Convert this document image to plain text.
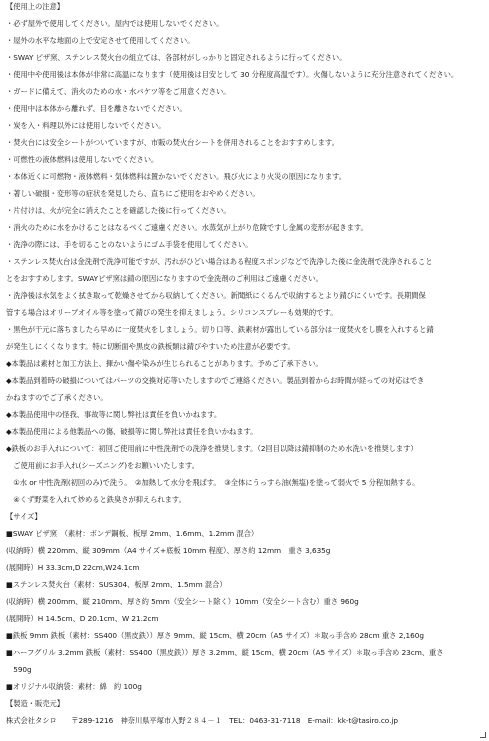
【使用上の注意】
・必ず屋外で使用してください。屋内では使用しないでください。
・屋外の水平な地面の上で安定させて使用してください。
・SWAY ピザ窯、ステンレス焚火台の組立ては、各部材がしっかりと固定されるように行ってください。
・使用中や使用後は本体が非常に高温になります（使用後は目安として 30 分程度高温です）。火傷しないように充分注意されてください。
・ガードに備えて、消火のための水・水バケツ等をご用意ください。
・使用中は本体から離れず、目を離さないでください。
・炭を入・料理以外には使用しないでください。
・焚火台には安全シートがついていますが、市販の焚火台シートを併用されることをおすすめします。
・可燃性の液体燃料は使用しないでください。
・本体近くに可燃物・液体燃料・気体燃料は置かないでください。飛び火により火災の原因になります。
・著しい破損・変形等の症状を発見したら、直ちにご使用をおやめください。
・片付けは、火が完全に消えたことを確認した後に行ってください。
・消火のために水をかけることはなるべくご遠慮ください。水蒸気が上がり危険ですし金属の変形が起きます。
・洗浄の際には、手を切ることのないようにゴム手袋を使用してください。
・ステンレス焚火台は金洗剤で洗浄可能ですが、汚れがひどい場合はある程度スポンジなどで洗浄した後に金洗剤で洗浄されること
とをおすすめします。SWAYピザ窯は錆の原因になりますので金洗剤のご利用はご遠慮ください。
・洗浄後は水気をよく拭き取って乾燥させてから収納してください。新聞紙にくるんで収納するとより錆びにくいです。長期間保
管する場合はオリーブオイル等を塗って錆びの発生を抑えましょう。シリコンスプレーも効果的です。
・黒色が干元に落ちましたら早めに一度焚火をしましょう。切り口等、鉄素材が露出している部分は一度焚火をし膜を入れすると錆
が発生しにくくなります。特に切断面や黒皮の鉄板類は錆びやすいため注意が必要です。
◆本製品は素材と加工方法上、揮かい傷や染みが生じられることがあります。予めご了承下さい。
◆本製品到着時の破損についてはパーツの交換対応等いたしますのでご連絡ください。製品到着からお時間が経っての対応はでき
かねますのでご了承ください。
◆本製品使用中の怪我、事故等に関し弊社は責任を負いかねます。
◆本製品使用による他製品への傷、破損等に関し弊社は責任を負いかねます。
◆鉄板のお手入れについて：初回ご使用前に中性洗剤での洗浄を推奨します。（2回目以降は錆抑制のため水洗いを推奨します）
　ご使用前にお手入れ(シーズニング)をお願いいたします。
　①水 or 中性洗剤(初回のみ)で洗う。　②加熱して水分を飛ばす。　③全体にうっすら油(無塩)を塗って弱火で 5 分程加熱する。
　④くず野菜を入れて炒めると鉄臭さが抑えられます。
【サイズ】
■SWAY ピザ窯　（素材：ボンデ鋼板、板厚 2mm、1.6mm、1.2mm 混合）
(収納時）横 220mm、縦 309mm（A4 サイズ+底板 10mm 程度）、厚さ約 12mm　重さ 3,635g
(展開時）H 33.3cm,D 22cm,W24.1cm
■ステンレス焚火台（素材：SUS304、板厚 2mm、1.5mm 混合）
(収納時）横 200mm、縦 210mm、厚さ約 5mm（安全シート除く）10mm（安全シート含む）重さ 960g
(展開時）H 14.5cm、D 20.1cm、W 21.2cm
■鉄板 9mm 鉄板（素材：SS400（黒皮鉄））厚さ 9mm、縦 15cm、横 20cm（A5 サイズ）＊取っ手含め 28cm 重さ 2,160g
■ハーフグリル 3.2mm 鉄板（素材：SS400（黒皮鉄））厚さ 3.2mm、縦 15cm、横 20cm（A5 サイズ）＊取っ手含め 23cm、重さ
　590g
■オリジナル収納袋：素材：綿　約 100g
【製造・販売元】
株式会社タシロ　　〒289-1216　神奈川県平塚市入野２８４－１　TEL：0463-31-7118　E-mail：kk-t@tasiro.co.jp
